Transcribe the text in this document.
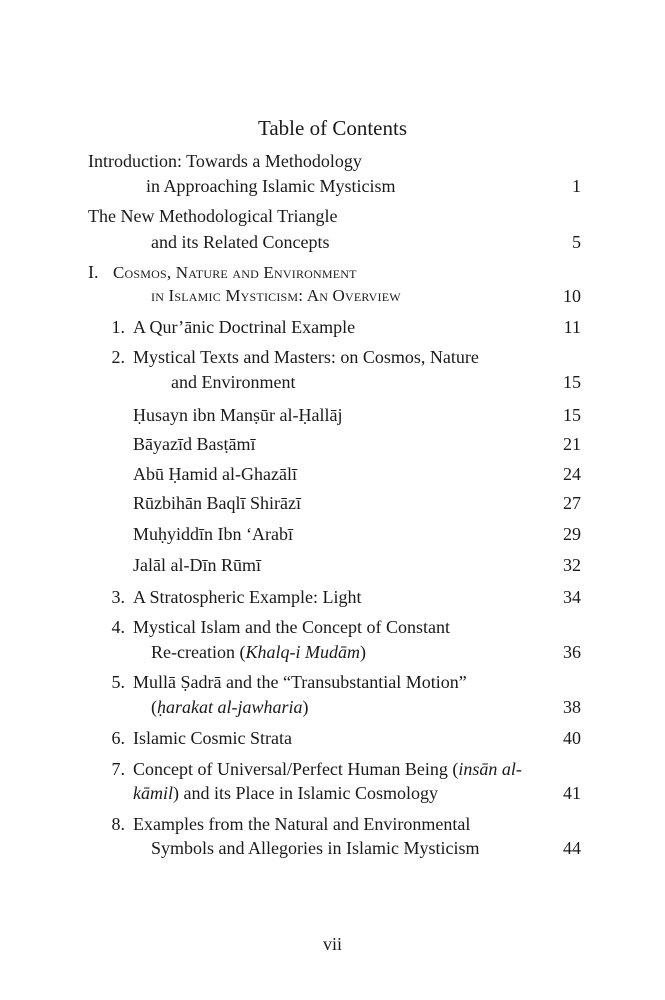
Table of Contents
Introduction: Towards a Methodology
in Approaching Islamic Mysticism	1
The New Methodological Triangle
and its Related Concepts	5
I. Cosmos, Nature and Environment
in Islamic Mysticism: An Overview	10
1. A Qur’ānic Doctrinal Example	11
2. Mystical Texts and Masters: on Cosmos, Nature
and Environment	15
Ḥusayn ibn Manṣūr al-Ḥallāj	15
Bāyazīd Basṭāmī	21
Abū Ḥamid al-Ghazālī	24
Rūzbihān Baqlī Shirāzī	27
Muḥyiddīn Ibn ‘Arabī	29
Jalāl al-Dīn Rūmī	32
3. A Stratospheric Example: Light	34
4. Mystical Islam and the Concept of Constant
Re-creation (Khalq-i Mudām)	36
5. Mullā Ṣadrā and the “Transubstantial Motion”
(ḥarakat al-jawharia)	38
6. Islamic Cosmic Strata	40
7. Concept of Universal/Perfect Human Being (insān al-
kāmil) and its Place in Islamic Cosmology	41
8. Examples from the Natural and Environmental
Symbols and Allegories in Islamic Mysticism	44
vii
